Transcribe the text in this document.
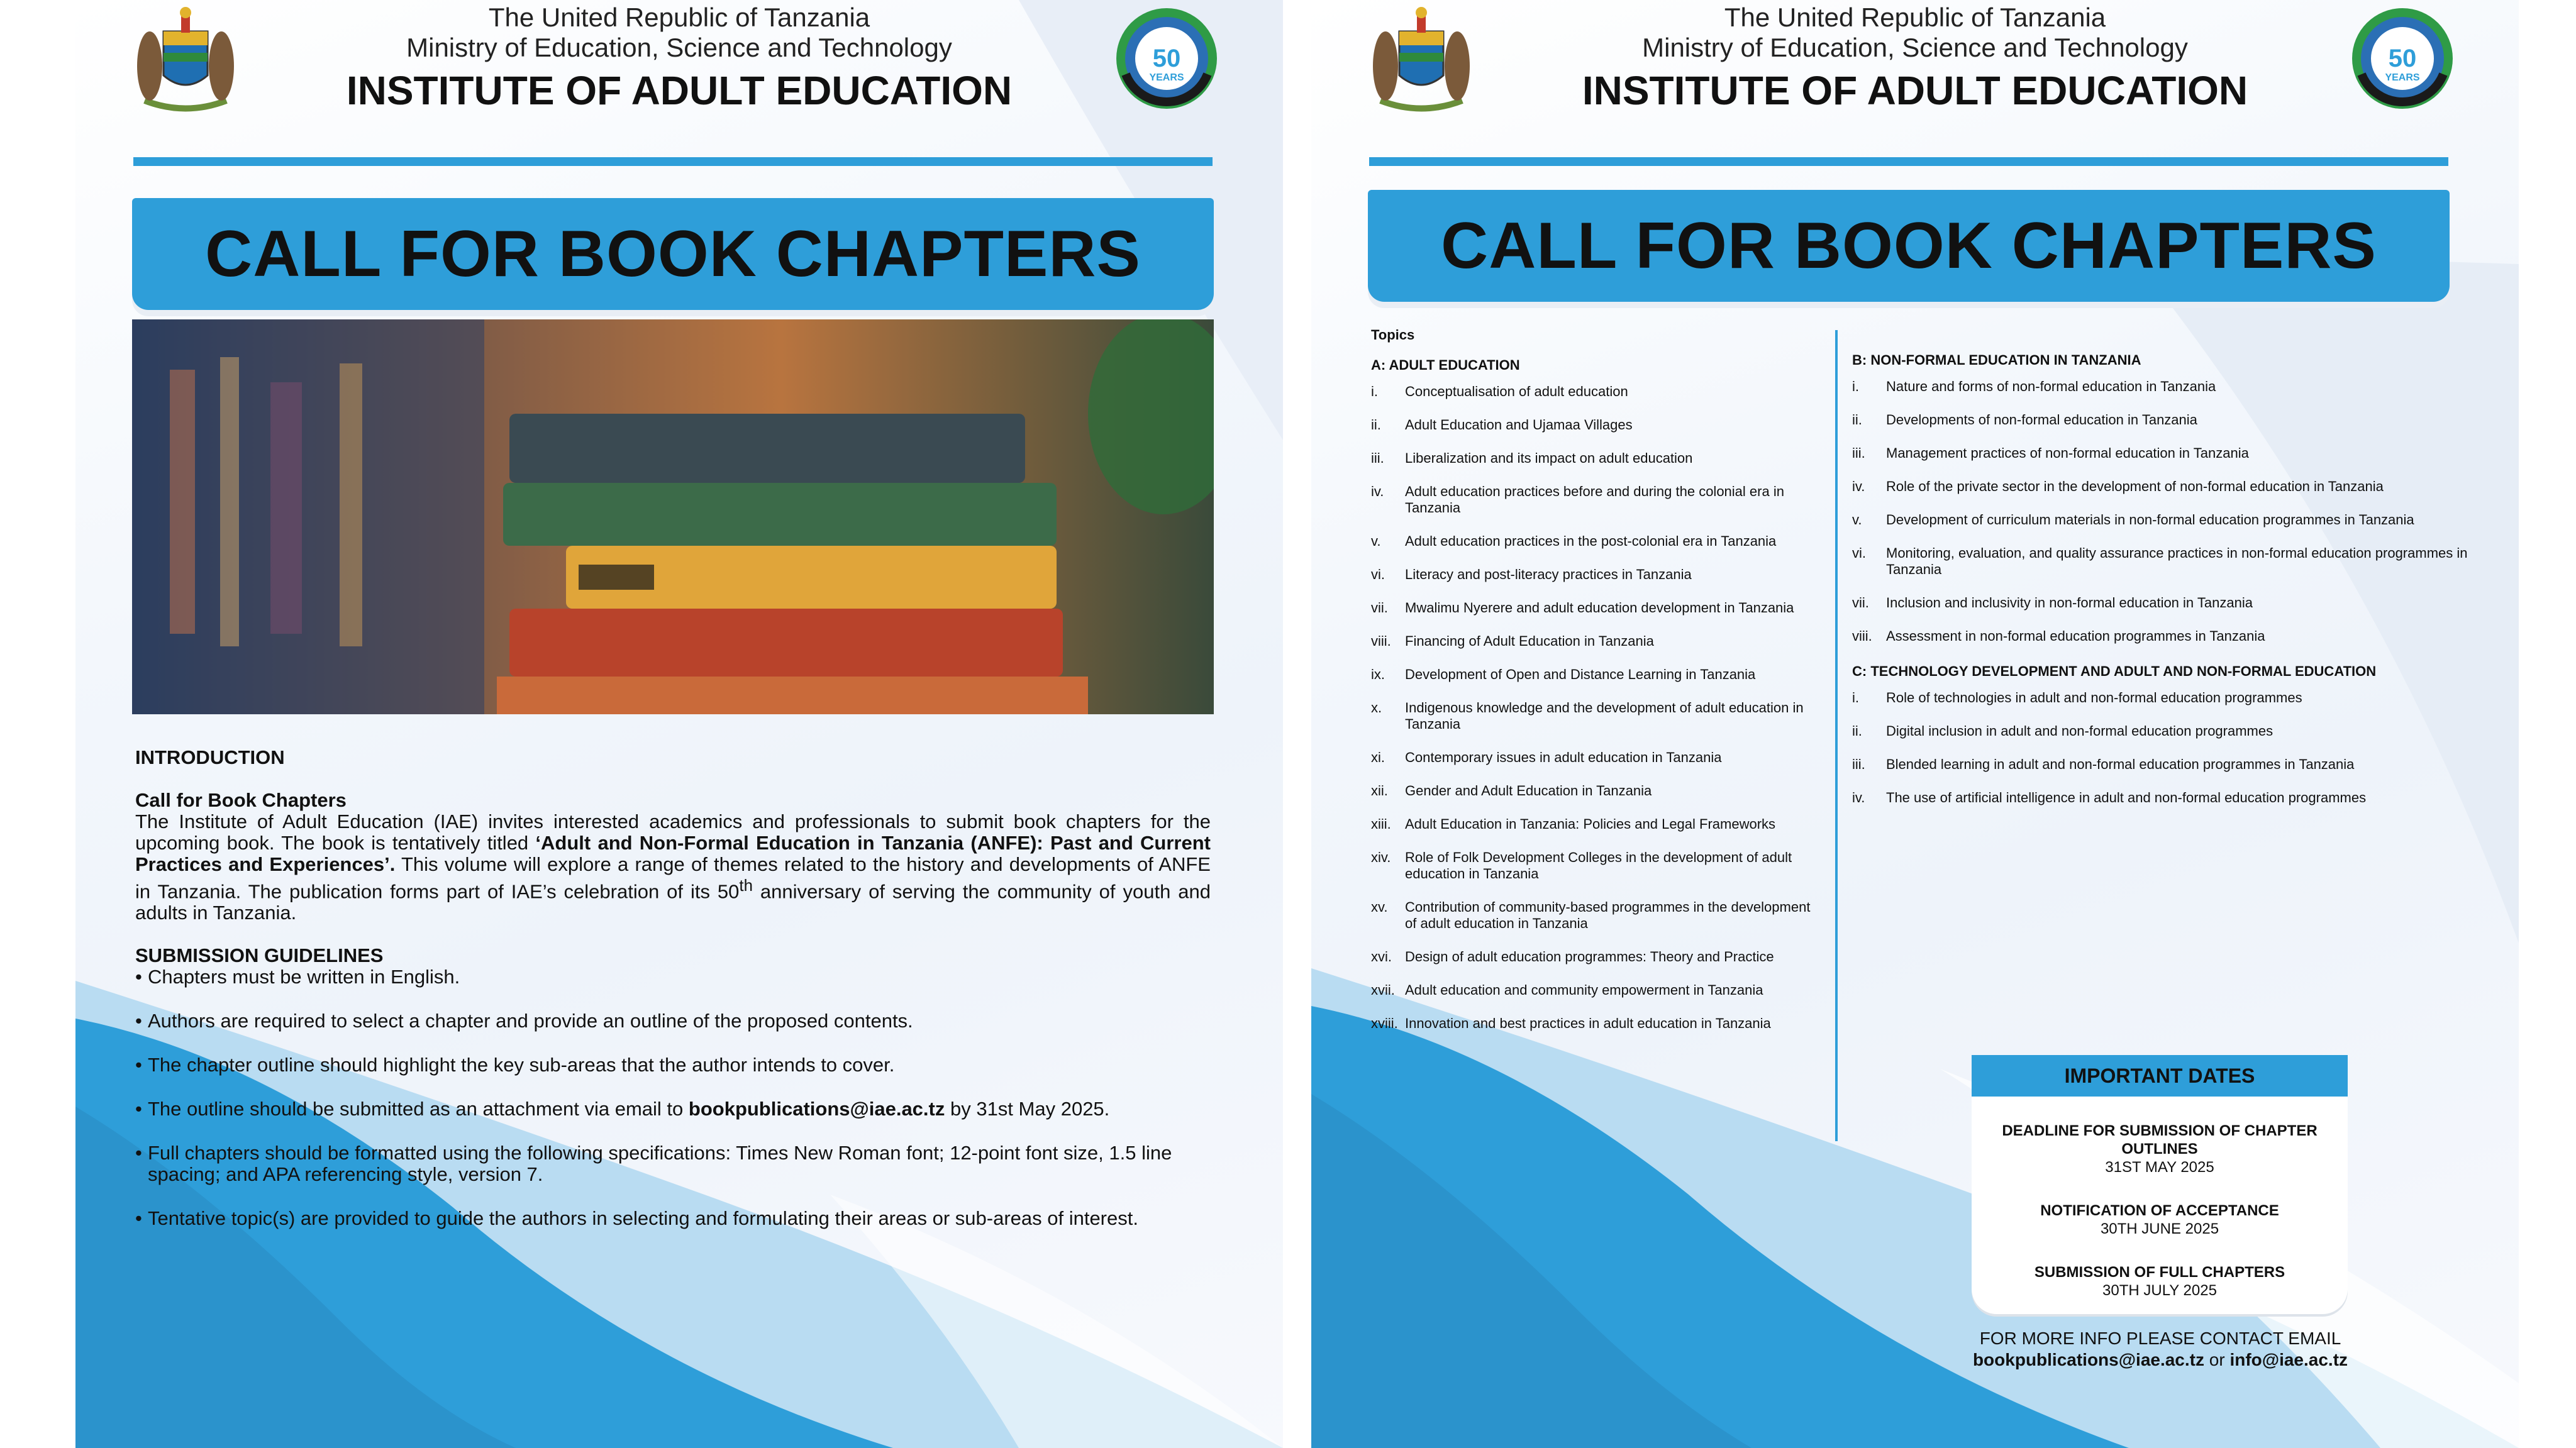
The United Republic of Tanzania
Ministry of Education, Science and Technology
INSTITUTE OF ADULT EDUCATION
50
YEARS
CALL FOR BOOK CHAPTERS
INTRODUCTION
Call for Book Chapters

The Institute of Adult Education (IAE) invites interested academics and professionals to submit book chapters for the upcoming book. The book is tentatively titled ‘Adult and Non-Formal Education in Tanzania (ANFE): Past and Current Practices and Experiences’. This volume will explore a range of themes related to the history and developments of ANFE in Tanzania. The publication forms part of IAE’s celebration of its 50th anniversary of serving the community of youth and adults in Tanzania.

SUBMISSION GUIDELINES
• Chapters must be written in English.
• Authors are required to select a chapter and provide an outline of the proposed contents.
• The chapter outline should highlight the key sub-areas that the author intends to cover.
• The outline should be submitted as an attachment via email to bookpublications@iae.ac.tz by 31st May 2025.
• Full chapters should be formatted using the following specifications: Times New Roman font; 12-point font size, 1.5 line spacing; and APA referencing style, version 7.
• Tentative topic(s) are provided to guide the authors in selecting and formulating their areas or sub-areas of interest.
The United Republic of Tanzania
Ministry of Education, Science and Technology
INSTITUTE OF ADULT EDUCATION
50
YEARS
CALL FOR BOOK CHAPTERS
Topics
A: ADULT EDUCATION
i. Conceptualisation of adult education
ii. Adult Education and Ujamaa Villages
iii. Liberalization and its impact on adult education
iv. Adult education practices before and during the colonial era in Tanzania
v. Adult education practices in the post-colonial era in Tanzania
vi. Literacy and post-literacy practices in Tanzania
vii. Mwalimu Nyerere and adult education development in Tanzania
viii. Financing of Adult Education in Tanzania
ix. Development of Open and Distance Learning in Tanzania
x. Indigenous knowledge and the development of adult education in Tanzania
xi. Contemporary issues in adult education in Tanzania
xii. Gender and Adult Education in Tanzania
xiii. Adult Education in Tanzania: Policies and Legal Frameworks
xiv. Role of Folk Development Colleges in the development of adult education in Tanzania
xv. Contribution of community-based programmes in the development of adult education in Tanzania
xvi. Design of adult education programmes: Theory and Practice
xvii. Adult education and community empowerment in Tanzania
xviii. Innovation and best practices in adult education in Tanzania
B: NON-FORMAL EDUCATION IN TANZANIA
i. Nature and forms of non-formal education in Tanzania
ii. Developments of non-formal education in Tanzania
iii. Management practices of non-formal education in Tanzania
iv. Role of the private sector in the development of non-formal education in Tanzania
v. Development of curriculum materials in non-formal education programmes in Tanzania
vi. Monitoring, evaluation, and quality assurance practices in non-formal education programmes in Tanzania
vii. Inclusion and inclusivity in non-formal education in Tanzania
viii. Assessment in non-formal education programmes in Tanzania
C: TECHNOLOGY DEVELOPMENT AND ADULT AND NON-FORMAL EDUCATION
i. Role of technologies in adult and non-formal education programmes
ii. Digital inclusion in adult and non-formal education programmes
iii. Blended learning in adult and non-formal education programmes in Tanzania
iv. The use of artificial intelligence in adult and non-formal education programmes
IMPORTANT DATES
DEADLINE FOR SUBMISSION OF CHAPTER OUTLINES
31ST MAY 2025
NOTIFICATION OF ACCEPTANCE
30TH JUNE 2025
SUBMISSION OF FULL CHAPTERS
30TH JULY 2025
FOR MORE INFO PLEASE CONTACT EMAIL
bookpublications@iae.ac.tz or info@iae.ac.tz
